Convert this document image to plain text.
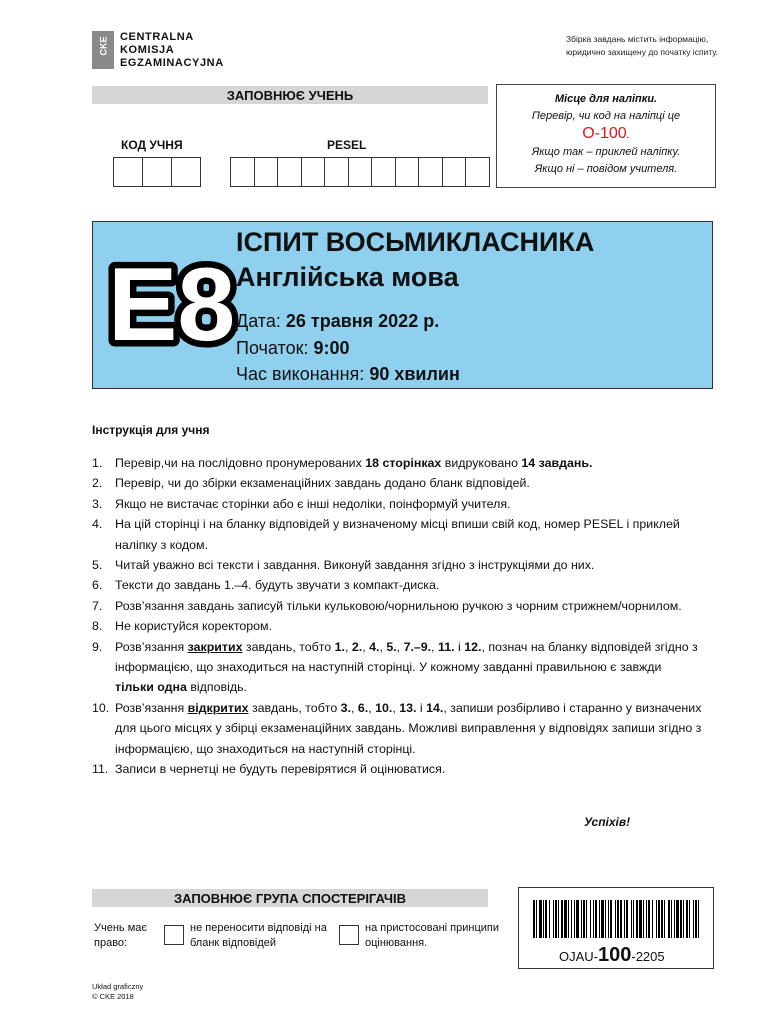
CKE CENTRALNA
KOMISJA
EGZAMINACYJNA
Збірка завдань містить інформацію, юридично захищену до початку іспиту.
ЗАПОВНЮЄ УЧЕНЬ
КОД УЧНЯ	PESEL
Місце для наліпки.
Перевір, чи код на наліпці це
O-100.
Якщо так – приклей наліпку.
Якщо ні – повідом учителя.
E8
ІСПИТ ВОСЬМИКЛАСНИКА
Англійська мова
Дата: 26 травня 2022 р.
Початок: 9:00
Час виконання: 90 хвилин
Інструкція для учня
1.	Перевір,чи на послідовно пронумерованих 18 сторінках видруковано 14 завдань.
2.	Перевір, чи до збірки екзаменаційних завдань додано бланк відповідей.
3.	Якщо не вистачає сторінки або є інші недоліки, поінформуй учителя.
4.	На цій сторінці і на бланку відповідей у визначеному місці впиши свій код, номер PESEL і приклей наліпку з кодом.
5.	Читай уважно всі тексти і завдання. Виконуй завдання згідно з інструкціями до них.
6.	Тексти до завдань 1.–4. будуть звучати з компакт-диска.
7.	Розв’язання завдань записуй тільки кульковою/чорнильною ручкою з чорним стрижнем/чорнилом.
8.	Не користуйся коректором.
9.	Розв’язання закритих завдань, тобто 1., 2., 4., 5., 7.–9., 11. і 12., познач на бланку відповідей згідно з інформацією, що знаходиться на наступній сторінці. У кожному завданні правильною є завжди тільки одна відповідь.
10. Розв’язання відкритих завдань, тобто 3., 6., 10., 13. і 14., запиши розбірливо і старанно у визначених для цього місцях у збірці екзаменаційних завдань. Можливі виправлення у відповідях запиши згідно з інформацією, що знаходиться на наступній сторінці.
11. Записи в чернетці не будуть перевірятися й оцінюватися.
Успіхів!
ЗАПОВНЮЄ ГРУПА СПОСТЕРІГАЧІВ
Учень має право:
не переносити відповіді на бланк відповідей
на пристосовані принципи оцінювання.
OJAU-100-2205
Układ graficzny
© CKE 2018
